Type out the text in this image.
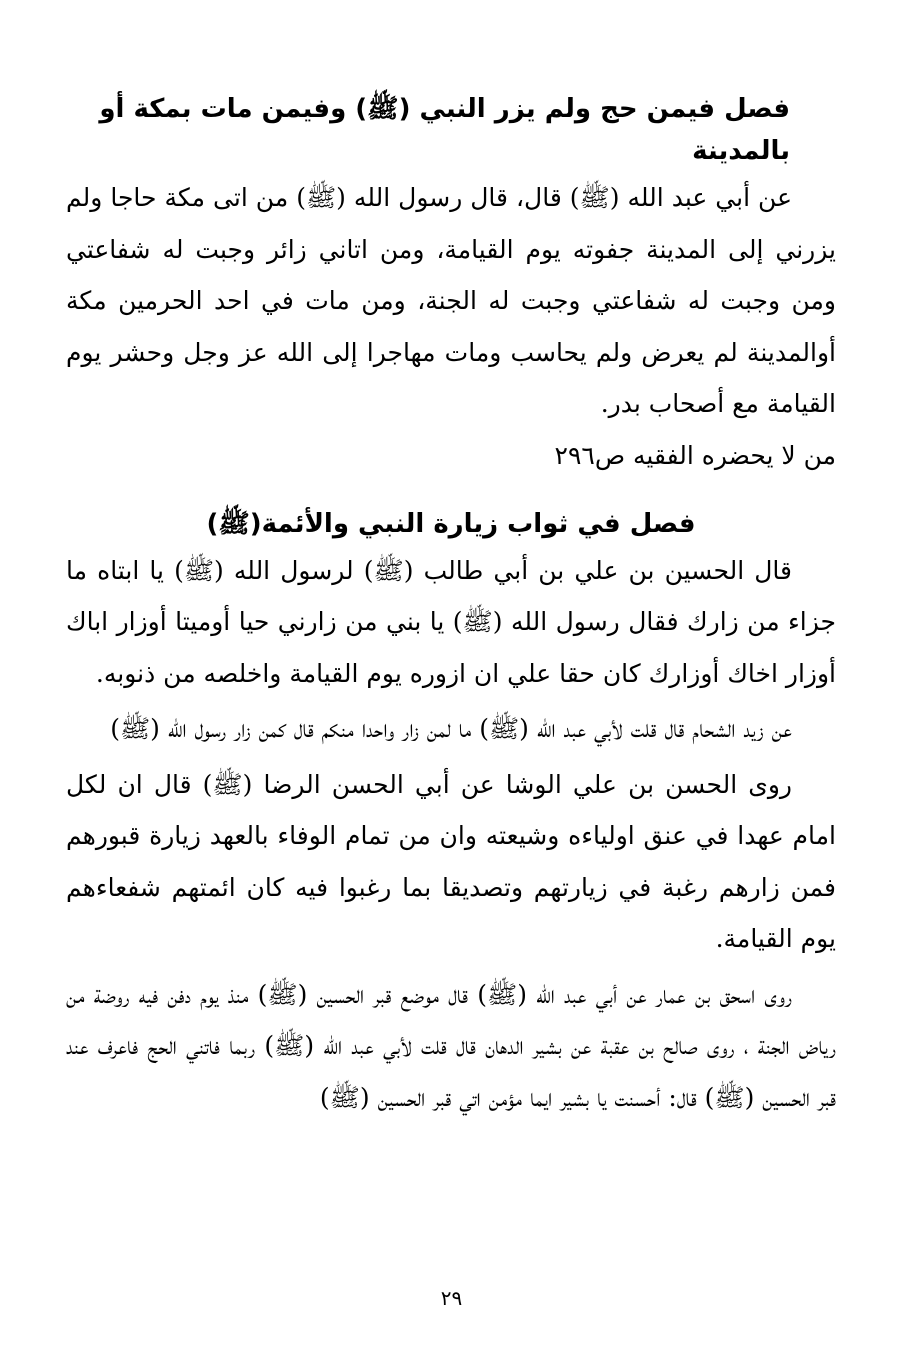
فصل فيمن حج ولم يزر النبي (ﷺ) وفيمن مات بمكة أو بالمدينة

عن أبي عبد الله (ﷺ) قال، قال رسول الله (ﷺ) من اتى مكة حاجا ولم يزرني إلى المدينة جفوته يوم القيامة، ومن اتاني زائر وجبت له شفاعتي ومن وجبت له شفاعتي وجبت له الجنة، ومن مات في احد الحرمين مكة أوالمدينة لم يعرض ولم يحاسب ومات مهاجرا إلى الله عز وجل وحشر يوم القيامة مع أصحاب بدر.

من لا يحضره الفقيه ص٢٩٦

فصل في ثواب زيارة النبي والأئمة(ﷺ)

قال الحسين بن علي بن أبي طالب (ﷺ) لرسول الله (ﷺ) يا ابتاه ما جزاء من زارك فقال رسول الله (ﷺ) يا بني من زارني حيا أوميتا أوزار اباك أوزار اخاك أوزارك كان حقا علي ان ازوره يوم القيامة واخلصه من ذنوبه.

عن زيد الشحام قال قلت لأبي عبد الله (ﷺ) ما لمن زار واحدا منكم قال كمن زار رسول الله (ﷺ)

روى الحسن بن علي الوشا عن أبي الحسن الرضا (ﷺ) قال ان لكل امام عهدا في عنق اولياءه وشيعته وان من تمام الوفاء بالعهد زيارة قبورهم فمن زارهم رغبة في زيارتهم وتصديقا بما رغبوا فيه كان ائمتهم شفعاءهم يوم القيامة.

روى اسحق بن عمار عن أبي عبد الله (ﷺ) قال موضع قبر الحسين (ﷺ) منذ يوم دفن فيه روضة من رياض الجنة ، روى صالح بن عقبة عن بشير الدهان قال قلت لأبي عبد الله (ﷺ) ربما فاتني الحج فاعرف عند قبر الحسين (ﷺ) قال: أحسنت يا بشير ايما مؤمن اتي قبر الحسين (ﷺ)

٢٩
